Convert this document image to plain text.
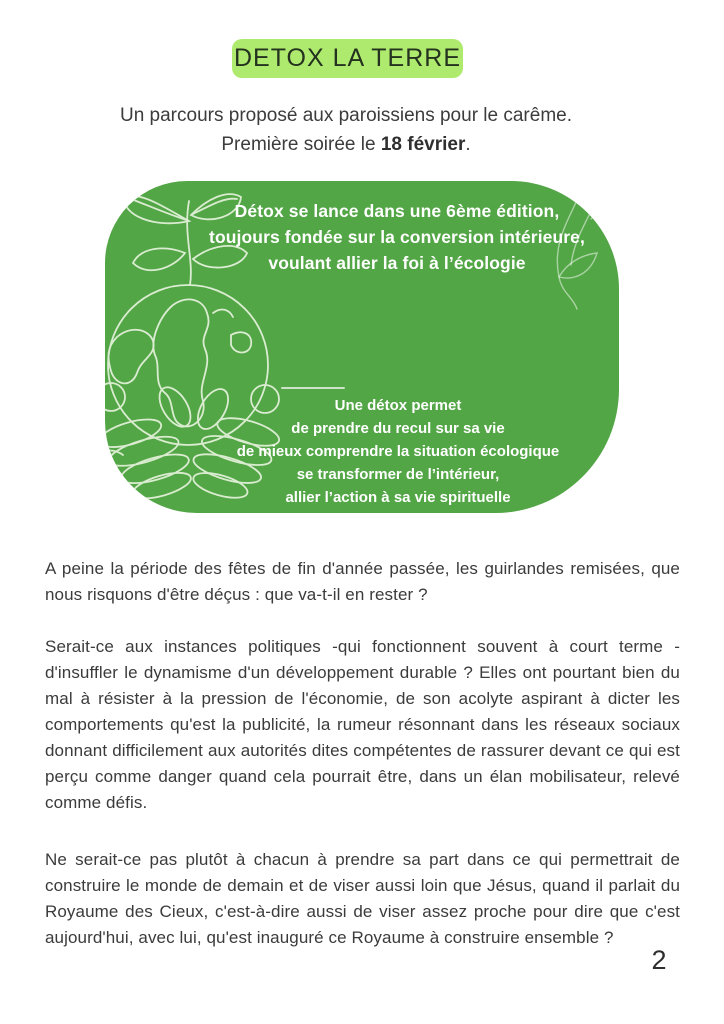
DETOX LA TERRE

Un parcours proposé aux paroissiens pour le carême.
Première soirée le 18 février.

Détox se lance dans une 6ème édition,
toujours fondée sur la conversion intérieure,
voulant allier la foi à l’écologie

Une détox permet
de prendre du recul sur sa vie
de mieux comprendre la situation écologique
se transformer de l’intérieur,
allier l’action à sa vie spirituelle

A peine la période des fêtes de fin d'année passée, les guirlandes remisées, que nous risquons d'être déçus : que va-t-il en rester ?

Serait-ce aux instances politiques -qui fonctionnent souvent à court terme - d'insuffler le dynamisme d'un développement durable ? Elles ont pourtant bien du mal à résister à la pression de l'économie, de son acolyte aspirant à dicter les comportements qu'est la publicité, la rumeur résonnant dans les réseaux sociaux donnant difficilement aux autorités dites compétentes de rassurer devant ce qui est perçu comme danger quand cela pourrait être, dans un élan mobilisateur, relevé comme défis.

Ne serait-ce pas plutôt à chacun à prendre sa part dans ce qui permettrait de construire le monde de demain et de viser aussi loin que Jésus, quand il parlait du Royaume des Cieux, c'est-à-dire aussi de viser assez proche pour dire que c'est aujourd'hui, avec lui, qu'est inauguré ce Royaume à construire ensemble ?

2
